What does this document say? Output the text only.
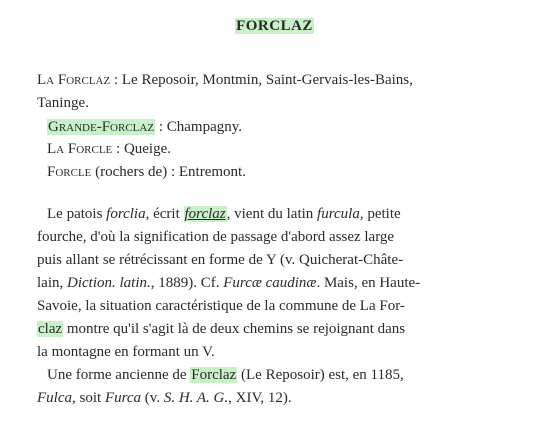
FORCLAZ
La Forclaz : Le Reposoir, Montmin, Saint-Gervais-les-Bains,
Taninge.
Grande-Forclaz : Champagny.
La Forcle : Queige.
Forcle (rochers de) : Entremont.
Le patois forclia, écrit forclaz, vient du latin furcula, petite
fourche, d'où la signification de passage d'abord assez large
puis allant se rétrécissant en forme de Y (v. Quicherat-Châte-
lain, Diction. latin., 1889). Cf. Furcæ caudinæ. Mais, en Haute-
Savoie, la situation caractéristique de la commune de La For-
claz montre qu'il s'agit là de deux chemins se rejoignant dans
la montagne en formant un V.
Une forme ancienne de Forclaz (Le Reposoir) est, en 1185,
Fulca, soit Furca (v. S. H. A. G., XIV, 12).
